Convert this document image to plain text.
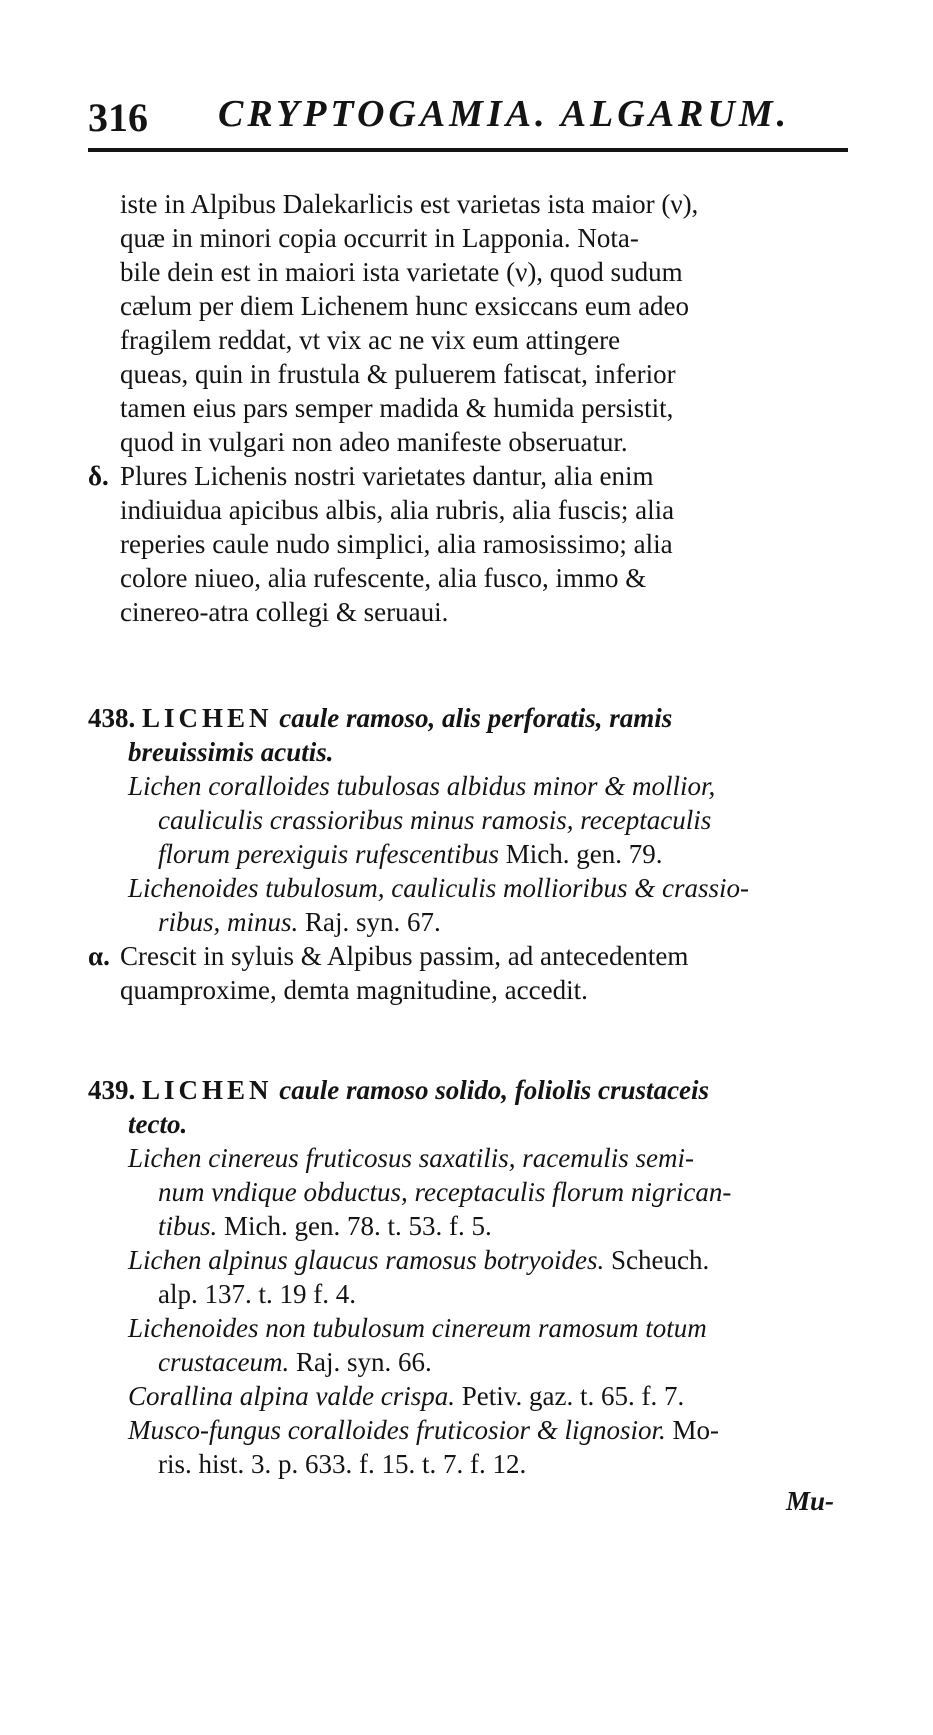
316 CRYPTOGAMIA. ALGARUM.
iste in Alpibus Dalekarlicis est varietas ista maior (ν),
quæ in minori copia occurrit in Lapponia. Nota-
bile dein est in maiori ista varietate (ν), quod sudum
cælum per diem Lichenem hunc exsiccans eum adeo
fragilem reddat, vt vix ac ne vix eum attingere
queas, quin in frustula & puluerem fatiscat, inferior
tamen eius pars semper madida & humida persistit,
quod in vulgari non adeo manifeste obseruatur.
δ. Plures Lichenis nostri varietates dantur, alia enim
indiuidua apicibus albis, alia rubris, alia fuscis; alia
reperies caule nudo simplici, alia ramosissimo; alia
colore niueo, alia rufescente, alia fusco, immo &
cinereo-atra collegi & seruaui.
438. LICHEN caule ramoso, alis perforatis, ramis
breuissimis acutis.
Lichen coralloides tubulosas albidus minor & mollior,
cauliculis crassioribus minus ramosis, receptaculis
florum perexiguis rufescentibus Mich. gen. 79.
Lichenoides tubulosum, cauliculis mollioribus & crassio-
ribus, minus. Raj. syn. 67.
α. Crescit in syluis & Alpibus passim, ad antecedentem
quamproxime, demta magnitudine, accedit.
439. LICHEN caule ramoso solido, foliolis crustaceis
tecto.
Lichen cinereus fruticosus saxatilis, racemulis semi-
num vndique obductus, receptaculis florum nigrican-
tibus. Mich. gen. 78. t. 53. f. 5.
Lichen alpinus glaucus ramosus botryoides. Scheuch.
alp. 137. t. 19 f. 4.
Lichenoides non tubulosum cinereum ramosum totum
crustaceum. Raj. syn. 66.
Corallina alpina valde crispa. Petiv. gaz. t. 65. f. 7.
Musco-fungus coralloides fruticosior & lignosior. Mo-
ris. hist. 3. p. 633. f. 15. t. 7. f. 12.
Mu-
